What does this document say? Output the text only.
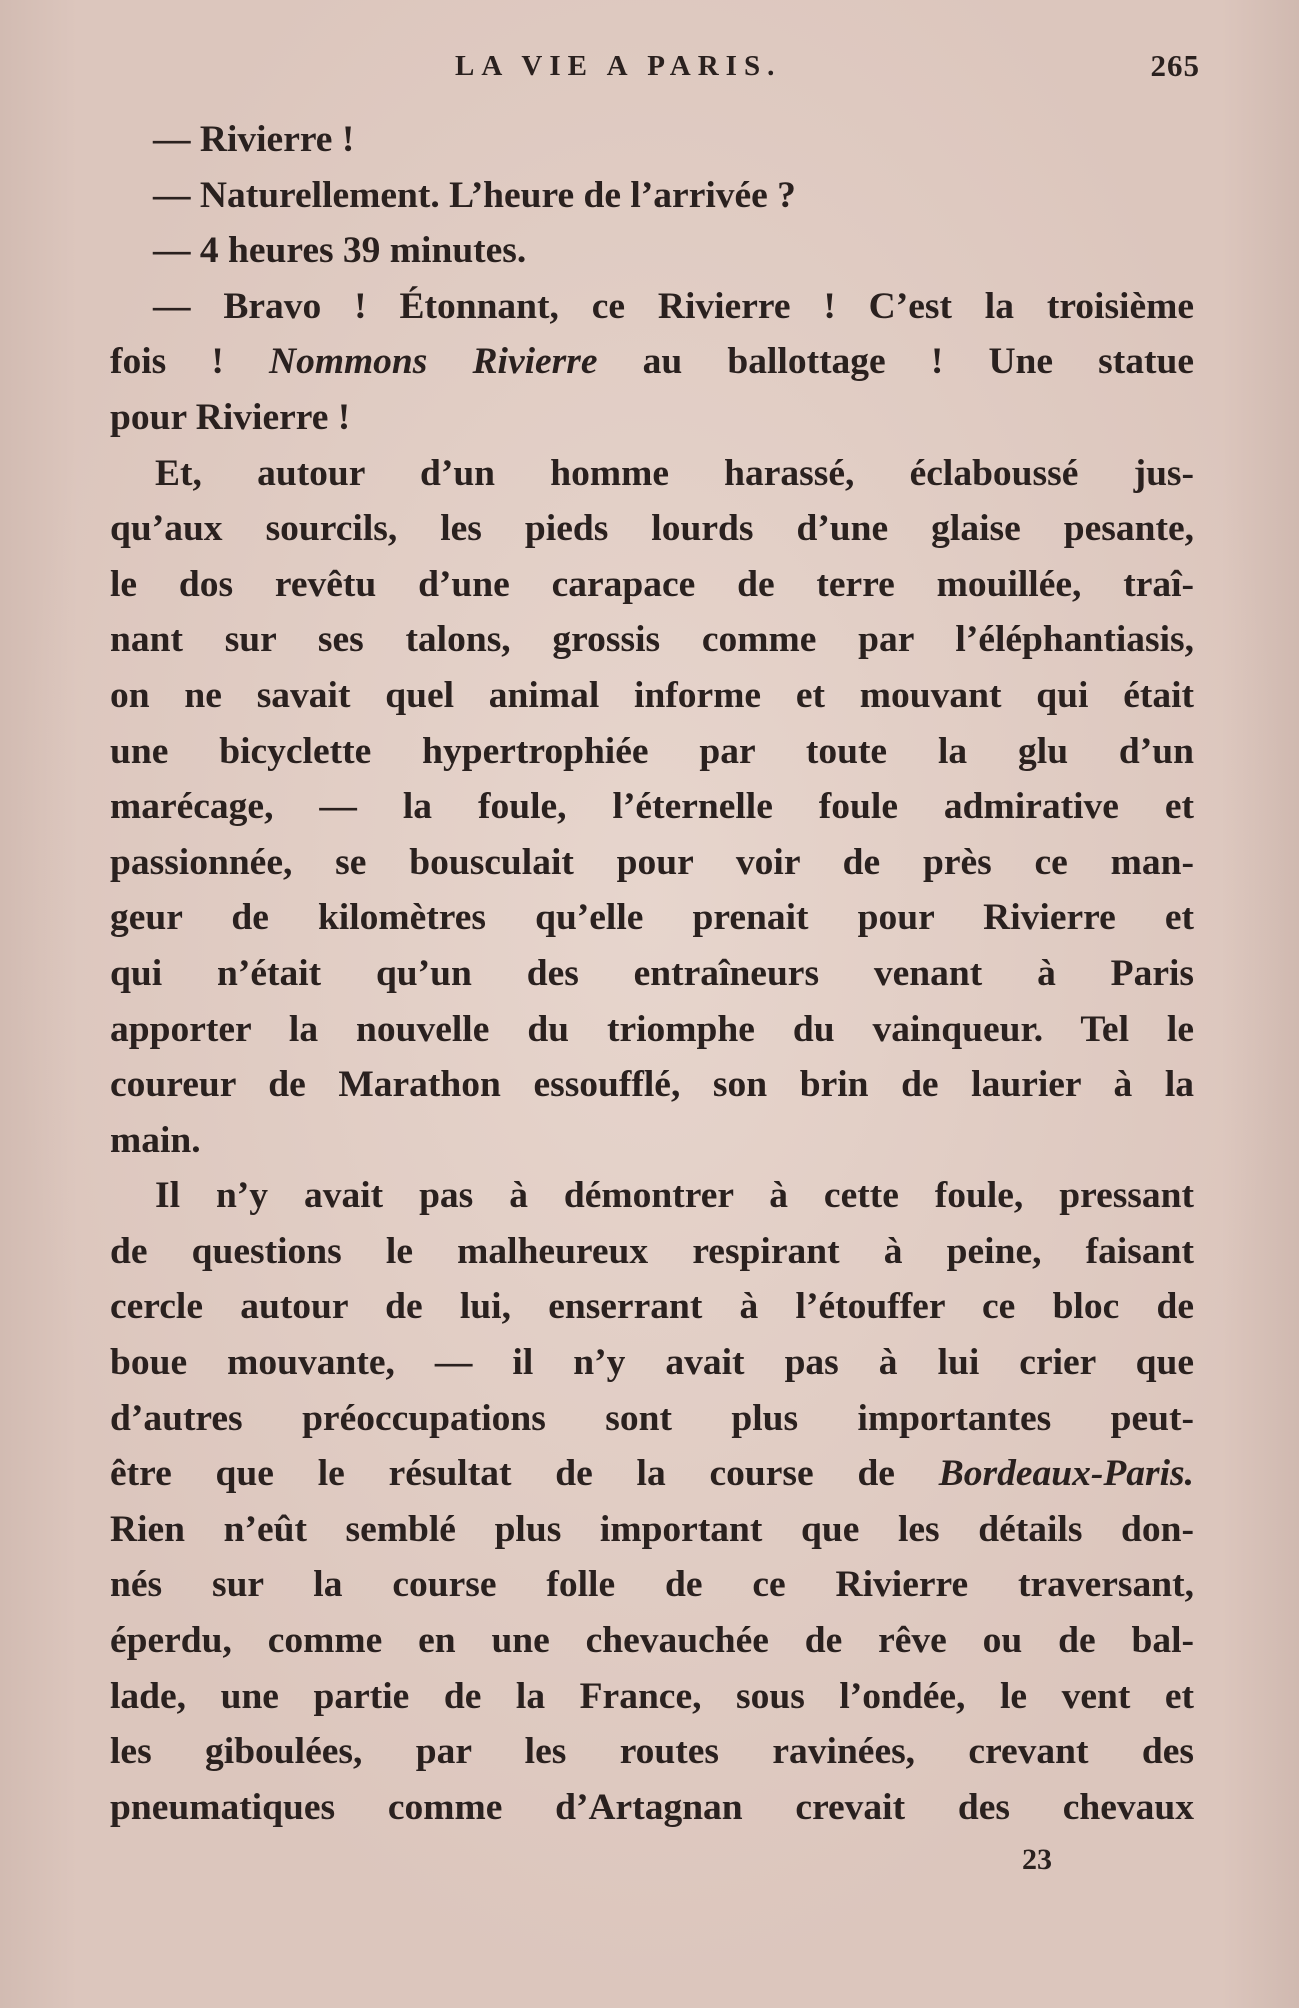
LA VIE A PARIS.	265
— Rivierre !
— Naturellement. L’heure de l’arrivée ?
— 4 heures 39 minutes.
— Bravo ! Étonnant, ce Rivierre ! C’est la troisième
fois ! Nommons Rivierre au ballottage ! Une statue
pour Rivierre !
Et, autour d’un homme harassé, éclaboussé jus-
qu’aux sourcils, les pieds lourds d’une glaise pesante,
le dos revêtu d’une carapace de terre mouillée, traî-
nant sur ses talons, grossis comme par l’éléphantiasis,
on ne savait quel animal informe et mouvant qui était
une bicyclette hypertrophiée par toute la glu d’un
marécage, — la foule, l’éternelle foule admirative et
passionnée, se bousculait pour voir de près ce man-
geur de kilomètres qu’elle prenait pour Rivierre et
qui n’était qu’un des entraîneurs venant à Paris
apporter la nouvelle du triomphe du vainqueur. Tel le
coureur de Marathon essoufflé, son brin de laurier à la
main.
Il n’y avait pas à démontrer à cette foule, pressant
de questions le malheureux respirant à peine, faisant
cercle autour de lui, enserrant à l’étouffer ce bloc de
boue mouvante, — il n’y avait pas à lui crier que
d’autres préoccupations sont plus importantes peut-
être que le résultat de la course de Bordeaux-Paris.
Rien n’eût semblé plus important que les détails don-
nés sur la course folle de ce Rivierre traversant,
éperdu, comme en une chevauchée de rêve ou de bal-
lade, une partie de la France, sous l’ondée, le vent et
les giboulées, par les routes ravinées, crevant des
pneumatiques comme d’Artagnan crevait des chevaux
23
